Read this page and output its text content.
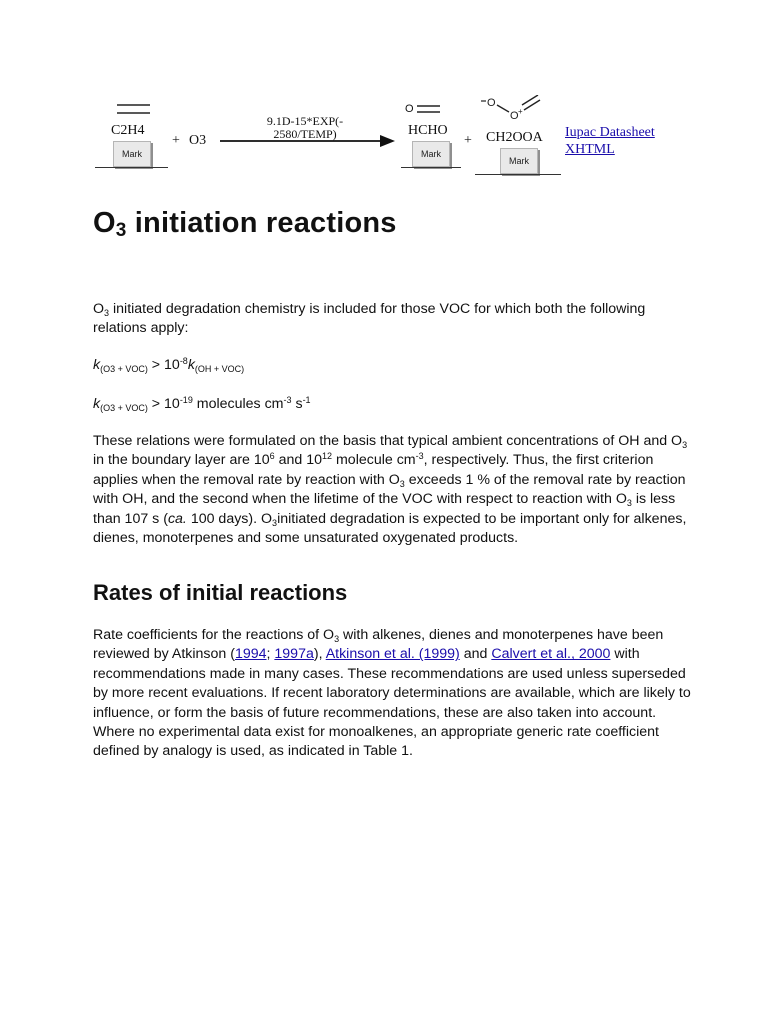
C2H4
Mark
+ O3
9.1D-15*EXP(-
2580/TEMP)
O
HCHO
Mark
+
O
O +
CH2OOA
Mark
Iupac Datasheet
XHTML
$O_3$ initiation reactions

$O_3$ initiated degradation chemistry is included for those VOC for which both the following relations apply:

$k_{(O3 + VOC)} > 10^{-8}k_{(OH + VOC)}$

$k_{(O3 + VOC)} > 10^{-19}$ molecules $cm^{-3}$ $s^{-1}$

These relations were formulated on the basis that typical ambient concentrations of OH and $O_3$ in the boundary layer are $10^6$ and $10^{12}$ molecule $cm^{-3}$, respectively. Thus, the first criterion applies when the removal rate by reaction with $O_3$ exceeds 1 % of the removal rate by reaction with OH, and the second when the lifetime of the VOC with respect to reaction with $O_3$ is less than 107 s (ca. 100 days). $O_3initiated$ degradation is expected to be important only for alkenes, dienes, monoterpenes and some unsaturated oxygenated products.

Rates of initial reactions

Rate coefficients for the reactions of $O_3$ with alkenes, dienes and monoterpenes have been reviewed by Atkinson (1994; 1997a), Atkinson et al. (1999) and Calvert et al., 2000 with recommendations made in many cases. These recommendations are used unless superseded by more recent evaluations. If recent laboratory determinations are available, which are likely to influence, or form the basis of future recommendations, these are also taken into account. Where no experimental data exist for monoalkenes, an appropriate generic rate coefficient defined by analogy is used, as indicated in Table 1.
